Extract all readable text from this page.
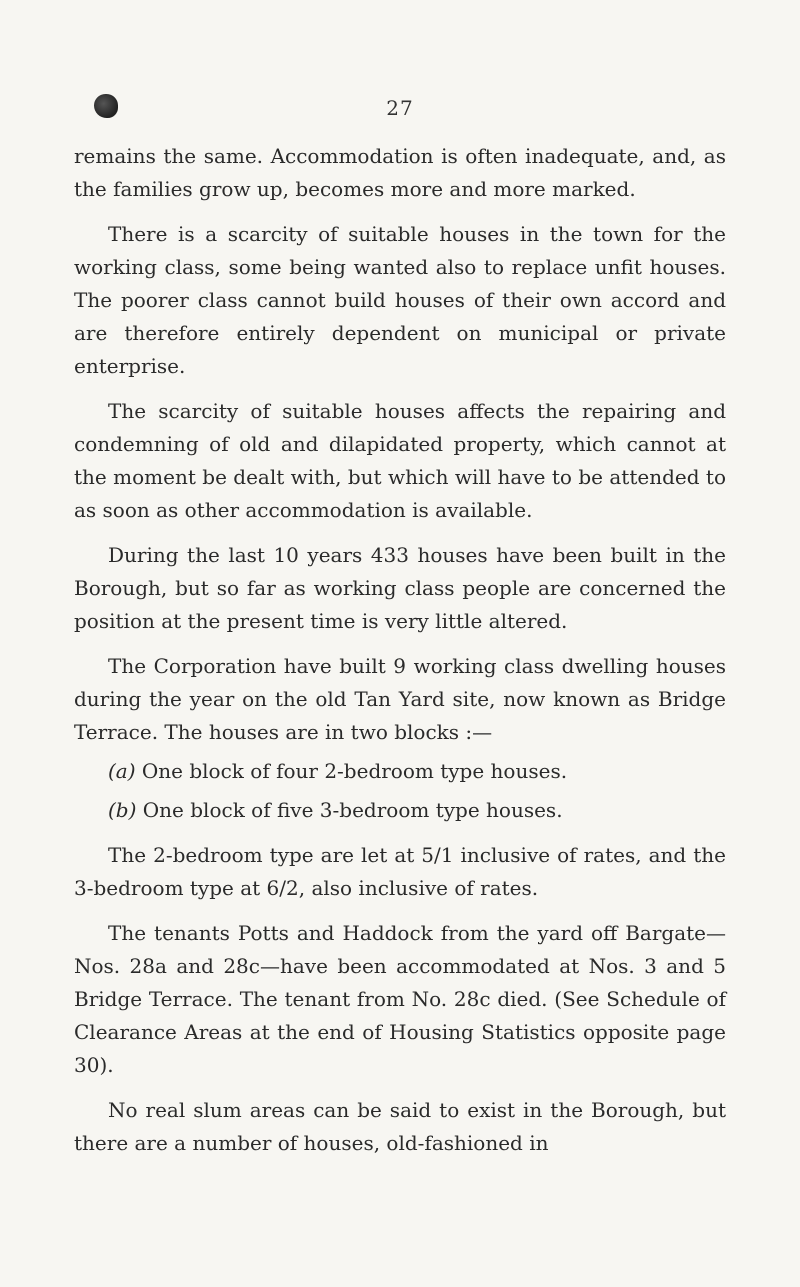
27

remains the same. Accommodation is often inadequate, and, as the families grow up, becomes more and more marked.

There is a scarcity of suitable houses in the town for the working class, some being wanted also to replace unfit houses. The poorer class cannot build houses of their own accord and are therefore entirely dependent on municipal or private enterprise.

The scarcity of suitable houses affects the repairing and condemning of old and dilapidated property, which cannot at the moment be dealt with, but which will have to be attended to as soon as other accommodation is available.

During the last 10 years 433 houses have been built in the Borough, but so far as working class people are concerned the position at the present time is very little altered.

The Corporation have built 9 working class dwelling houses during the year on the old Tan Yard site, now known as Bridge Terrace. The houses are in two blocks :—

(a) One block of four 2-bedroom type houses.
(b) One block of five 3-bedroom type houses.

The 2-bedroom type are let at 5/1 inclusive of rates, and the 3-bedroom type at 6/2, also inclusive of rates.

The tenants Potts and Haddock from the yard off Bargate—Nos. 28a and 28c—have been accommodated at Nos. 3 and 5 Bridge Terrace. The tenant from No. 28c died. (See Schedule of Clearance Areas at the end of Housing Statistics opposite page 30).

No real slum areas can be said to exist in the Borough, but there are a number of houses, old-fashioned in
